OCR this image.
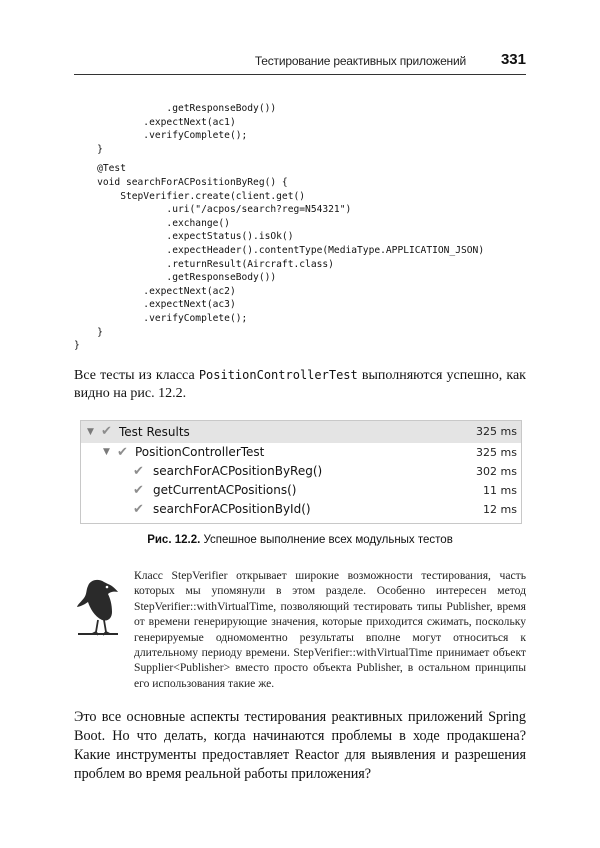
Тестирование реактивных приложений 331
.getResponseBody())
.expectNext(ac1)
.verifyComplete();
}
@Test
void searchForACPositionByReg() {
StepVerifier.create(client.get()
.uri("/acpos/search?reg=N54321")
.exchange()
.expectStatus().isOk()
.expectHeader().contentType(MediaType.APPLICATION_JSON)
.returnResult(Aircraft.class)
.getResponseBody())
.expectNext(ac2)
.expectNext(ac3)
.verifyComplete();
}
}
Все тесты из класса PositionControllerTest выполняются успешно, как видно на рис. 12.2.
▼ ✔ Test Results	325 ms
▼ ✔ PositionControllerTest	325 ms
✔ searchForACPositionByReg()	302 ms
✔ getCurrentACPositions()	11 ms
✔ searchForACPositionById()	12 ms
Рис. 12.2. Успешное выполнение всех модульных тестов
Класс StepVerifier открывает широкие возможности тестирования, часть которых мы упомянули в этом разделе. Особенно интересен метод StepVerifier::withVirtualTime, позволяющий тестировать типы Publisher, время от времени генерирующие значения, которые приходится сжимать, поскольку генерируемые одномоментно результаты вполне могут относиться к длительному периоду времени. StepVerifier::withVirtualTime принимает объект Supplier<Publisher> вместо просто объекта Publisher, в остальном принципы его использования такие же.
Это все основные аспекты тестирования реактивных приложений Spring Boot. Но что делать, когда начинаются проблемы в ходе продакшена? Какие инструменты предоставляет Reactor для выявления и разрешения проблем во время реальной работы приложения?
